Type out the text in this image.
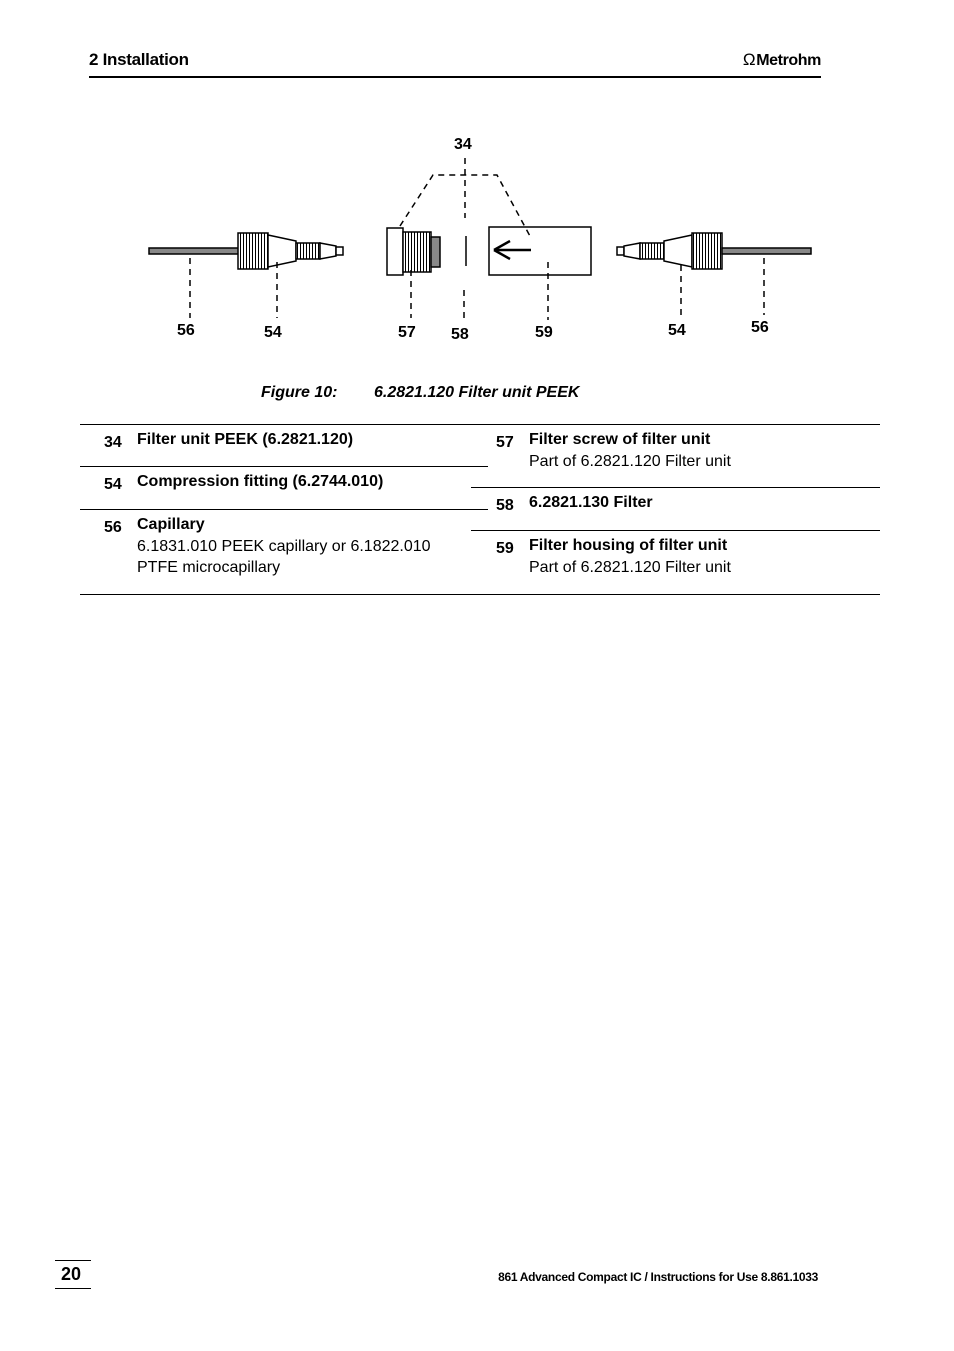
2 Installation	ΩMetrohm
34
56	54	57 58	59	54	56
Figure 10: 6.2821.120 Filter unit PEEK
34 Filter unit PEEK (6.2821.120)
54 Compression fitting (6.2744.010)
56 Capillary
6.1831.010 PEEK capillary or 6.1822.010
PTFE microcapillary
57 Filter screw of filter unit
Part of 6.2821.120 Filter unit
58 6.2821.130 Filter
59 Filter housing of filter unit
Part of 6.2821.120 Filter unit
20	861 Advanced Compact IC / Instructions for Use 8.861.1033
